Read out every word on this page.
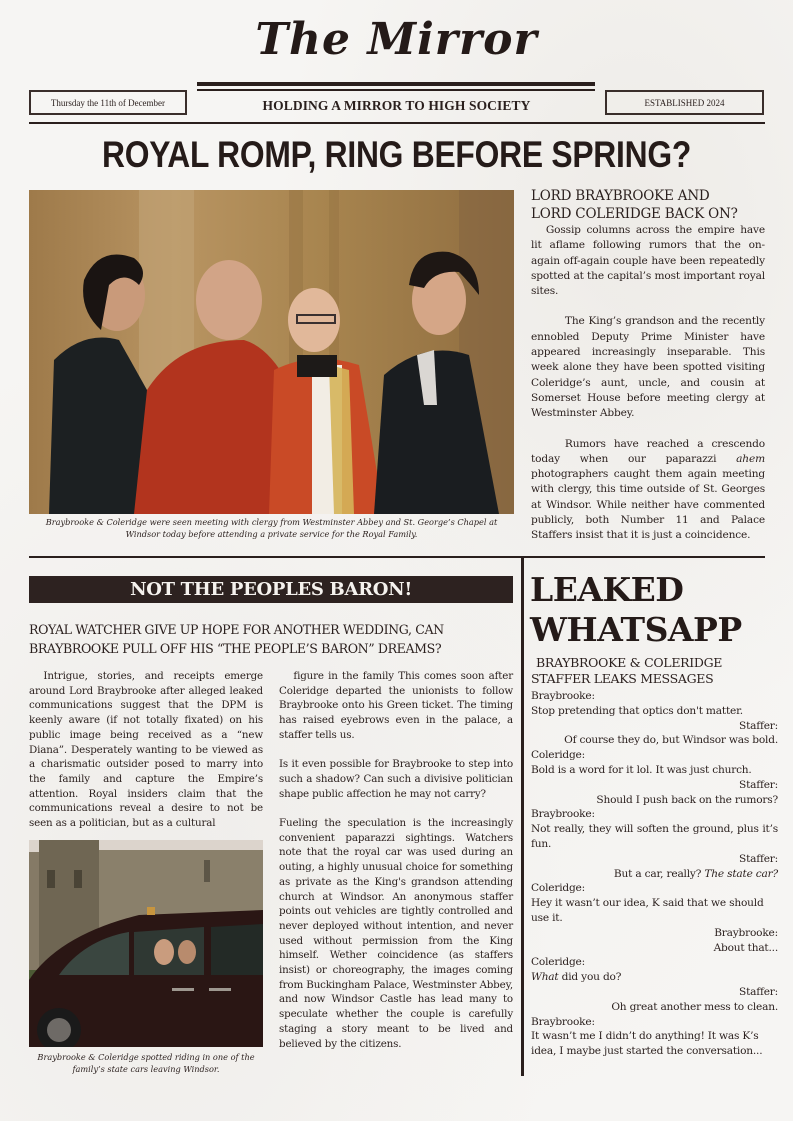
The Mirror
Thursday the 11th of December	HOLDING A MIRROR TO HIGH SOCIETY	ESTABLISHED 2024
ROYAL ROMP, RING BEFORE SPRING?
Braybrooke & Coleridge were seen meeting with clergy from Westminster Abbey and St. George’s Chapel at Windsor today before attending a private service for the Royal Family.
LORD BRAYBROOKE AND
LORD COLERIDGE BACK ON?

Gossip columns across the empire have lit aflame following rumors that the on-again off-again couple have been repeatedly spotted at the capital’s most important royal sites.

The King’s grandson and the recently ennobled Deputy Prime Minister have appeared increasingly inseparable. This week alone they have been spotted visiting Coleridge’s aunt, uncle, and cousin at Somerset House before meeting clergy at Westminster Abbey.

Rumors have reached a crescendo today when our paparazzi ahem photographers caught them again meeting with clergy, this time outside of St. Georges at Windsor. While neither have commented publicly, both Number 11 and Palace Staffers insist that it is just a coincidence.

NOT THE PEOPLES BARON!
ROYAL WATCHER GIVE UP HOPE FOR ANOTHER WEDDING, CAN BRAYBROOKE PULL OFF HIS “THE PEOPLE’S BARON” DREAMS?

Intrigue, stories, and receipts emerge around Lord Braybrooke after alleged leaked communications suggest that the DPM is keenly aware (if not totally fixated) on his public image being received as a “new Diana”. Desperately wanting to be viewed as a charismatic outsider posed to marry into the family and capture the Empire’s attention. Royal insiders claim that the communications reveal a desire to not be seen as a politician, but as a cultural

figure in the family This comes soon after Coleridge departed the unionists to follow Braybrooke onto his Green ticket. The timing has raised eyebrows even in the palace, a staffer tells us.

Is it even possible for Braybrooke to step into such a shadow? Can such a divisive politician shape public affection he may not carry?

Fueling the speculation is the increasingly convenient paparazzi sightings. Watchers note that the royal car was used during an outing, a highly unusual choice for something as private as the King's grandson attending church at Windsor. An anonymous staffer points out vehicles are tightly controlled and never deployed without intention, and never used without permission from the King himself. Wether coincidence (as staffers insist) or choreography, the images coming from Buckingham Palace, Westminster Abbey, and now Windsor Castle has lead many to speculate whether the couple is carefully staging a story meant to be lived and believed by the citizens.

Braybrooke & Coleridge spotted riding in one of the family’s state cars leaving Windsor.
LEAKED
WHATSAPP
BRAYBROOKE & COLERIDGE
STAFFER LEAKS MESSAGES
Braybrooke:
Stop pretending that optics don't matter.
Staffer:
Of course they do, but Windsor was bold.
Coleridge:
Bold is a word for it lol. It was just church.
Staffer:
Should I push back on the rumors?
Braybrooke:
Not really, they will soften the ground, plus it’s fun.
Staffer:
But a car, really? The state car?
Coleridge:
Hey it wasn’t our idea, K said that we should use it.
Braybrooke:
About that...
Coleridge:
What did you do?
Staffer:
Oh great another mess to clean.
Braybrooke:
It wasn’t me I didn’t do anything! It was K’s idea, I maybe just started the conversation...
